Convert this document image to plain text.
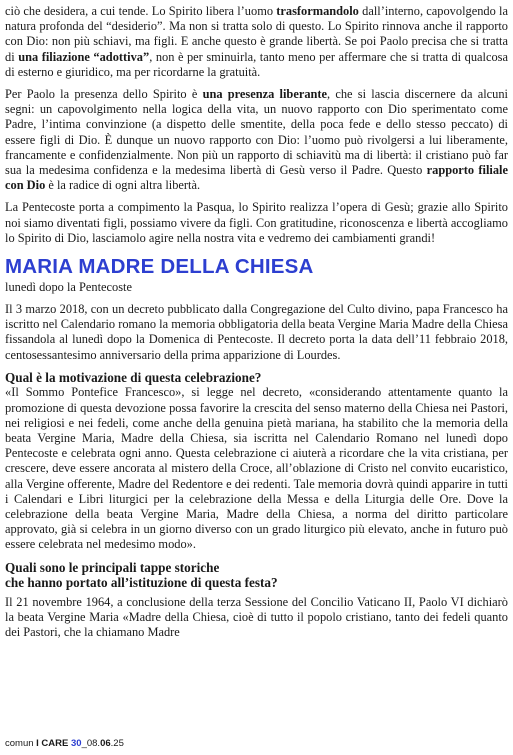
ciò che desidera, a cui tende. Lo Spirito libera l’uomo trasformandolo dall’interno, capovolgendo la natura profonda del “desiderio”. Ma non si tratta solo di questo. Lo Spirito rinnova anche il rapporto con Dio: non più schiavi, ma figli. E anche questo è grande libertà. Se poi Paolo precisa che si tratta di una filiazione “adottiva”, non è per sminuirla, tanto meno per affermare che si tratta di qualcosa di esterno e giuridico, ma per ricordarne la gratuità.

Per Paolo la presenza dello Spirito è una presenza liberante, che si lascia discernere da alcuni segni: un capovolgimento nella logica della vita, un nuovo rapporto con Dio sperimentato come Padre, l’intima convinzione (a dispetto delle smentite, della poca fede e dello stesso peccato) di essere figli di Dio. È dunque un nuovo rapporto con Dio: l’uomo può rivolgersi a lui liberamente, francamente e confidenzialmente. Non più un rapporto di schiavitù ma di libertà: il cristiano può far sua la medesima confidenza e la medesima libertà di Gesù verso il Padre. Questo rapporto filiale con Dio è la radice di ogni altra libertà.

La Pentecoste porta a compimento la Pasqua, lo Spirito realizza l’opera di Gesù; grazie allo Spirito noi siamo diventati figli, possiamo vivere da figli. Con gratitudine, riconoscenza e libertà accogliamo lo Spirito di Dio, lasciamolo agire nella nostra vita e vedremo dei cambiamenti grandi!

MARIA MADRE DELLA CHIESA

lunedì dopo la Pentecoste

Il 3 marzo 2018, con un decreto pubblicato dalla Congregazione del Culto divino, papa Francesco ha iscritto nel Calendario romano la memoria obbligatoria della beata Vergine Maria Madre della Chiesa fissandola al lunedì dopo la Domenica di Pentecoste. Il decreto porta la data dell’11 febbraio 2018, centosessantesimo anniversario della prima apparizione di Lourdes.

Qual è la motivazione di questa celebrazione?

«Il Sommo Pontefice Francesco», si legge nel decreto, «considerando attentamente quanto la promozione di questa devozione possa favorire la crescita del senso materno della Chiesa nei Pastori, nei religiosi e nei fedeli, come anche della genuina pietà mariana, ha stabilito che la memoria della beata Vergine Maria, Madre della Chiesa, sia iscritta nel Calendario Romano nel lunedì dopo Pentecoste e celebrata ogni anno. Questa celebrazione ci aiuterà a ricordare che la vita cristiana, per crescere, deve essere ancorata al mistero della Croce, all’oblazione di Cristo nel convito eucaristico, alla Vergine offerente, Madre del Redentore e dei redenti. Tale memoria dovrà quindi apparire in tutti i Calendari e Libri liturgici per la celebrazione della Messa e della Liturgia delle Ore. Dove la celebrazione della beata Vergine Maria, Madre della Chiesa, a norma del diritto particolare approvato, già si celebra in un giorno diverso con un grado liturgico più elevato, anche in futuro può essere celebrata nel medesimo modo».

Quali sono le principali tappe storiche
che hanno portato all’istituzione di questa festa?

Il 21 novembre 1964, a conclusione della terza Sessione del Concilio Vaticano II, Paolo VI dichiarò la beata Vergine Maria «Madre della Chiesa, cioè di tutto il popolo cristiano, tanto dei fedeli quanto dei Pastori, che la chiamano Madre

comun I CARE 30_08.06.25
